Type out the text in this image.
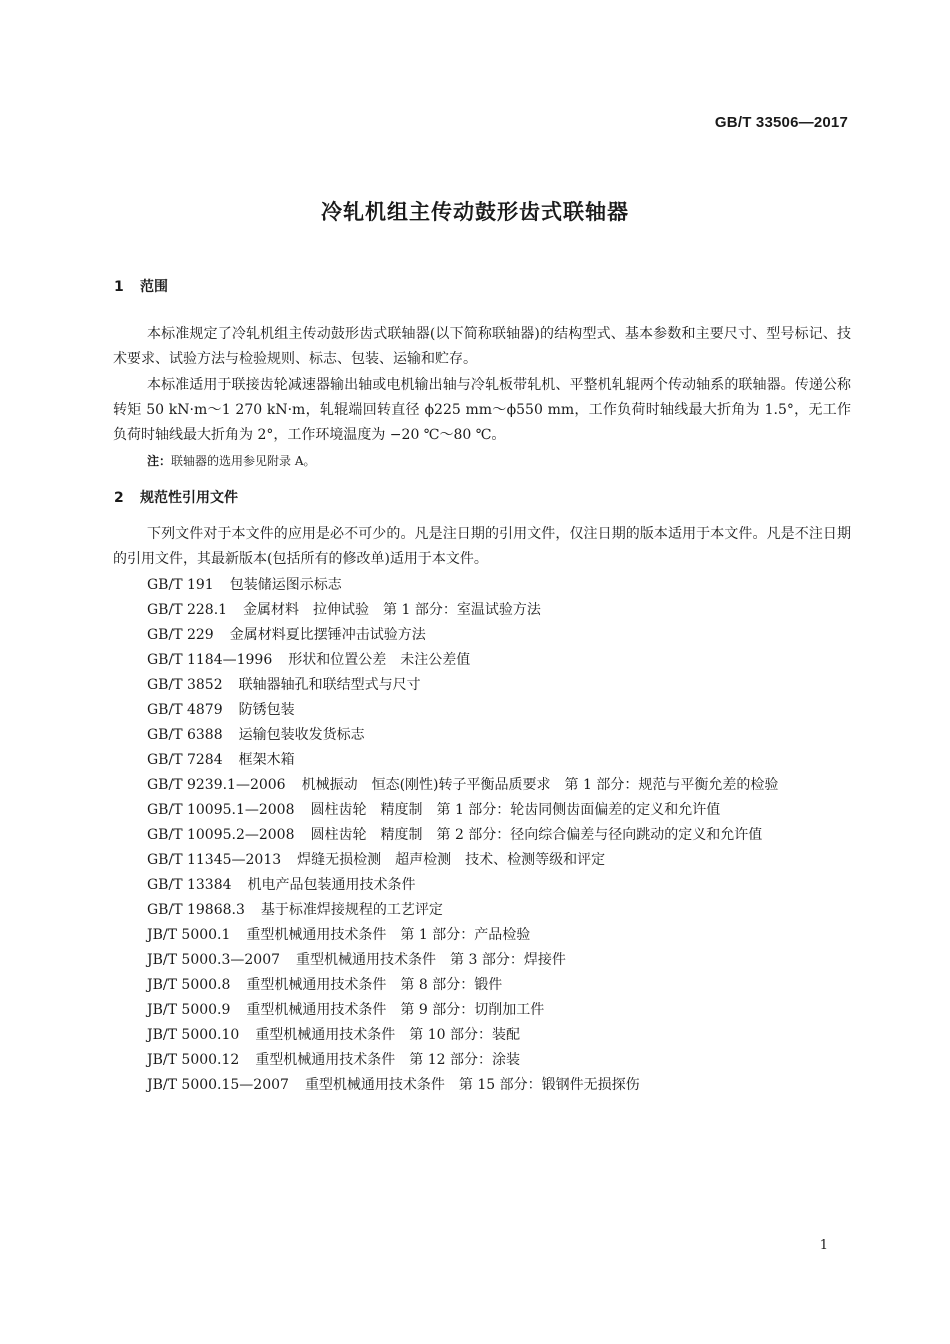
GB/T 33506—2017
冷轧机组主传动鼓形齿式联轴器
1 范围
本标准规定了冷轧机组主传动鼓形齿式联轴器(以下简称联轴器)的结构型式、基本参数和主要尺寸、型号标记、技术要求、试验方法与检验规则、标志、包装、运输和贮存。
本标准适用于联接齿轮减速器输出轴或电机输出轴与冷轧板带轧机、平整机轧辊两个传动轴系的联轴器。传递公称转矩 50 kN·m～1 270 kN·m，轧辊端回转直径 ϕ225 mm～ϕ550 mm，工作负荷时轴线最大折角为 1.5°，无工作负荷时轴线最大折角为 2°，工作环境温度为 −20 ℃～80 ℃。
注：联轴器的选用参见附录 A。
2 规范性引用文件
下列文件对于本文件的应用是必不可少的。凡是注日期的引用文件，仅注日期的版本适用于本文件。凡是不注日期的引用文件，其最新版本(包括所有的修改单)适用于本文件。
GB/T 191 包装储运图示标志
GB/T 228.1 金属材料　拉伸试验　第 1 部分：室温试验方法
GB/T 229 金属材料夏比摆锤冲击试验方法
GB/T 1184—1996 形状和位置公差　未注公差值
GB/T 3852 联轴器轴孔和联结型式与尺寸
GB/T 4879 防锈包装
GB/T 6388 运输包装收发货标志
GB/T 7284 框架木箱
GB/T 9239.1—2006 机械振动　恒态(刚性)转子平衡品质要求　第 1 部分：规范与平衡允差的检验
GB/T 10095.1—2008 圆柱齿轮　精度制　第 1 部分：轮齿同侧齿面偏差的定义和允许值
GB/T 10095.2—2008 圆柱齿轮　精度制　第 2 部分：径向综合偏差与径向跳动的定义和允许值
GB/T 11345—2013 焊缝无损检测　超声检测　技术、检测等级和评定
GB/T 13384 机电产品包装通用技术条件
GB/T 19868.3 基于标准焊接规程的工艺评定
JB/T 5000.1 重型机械通用技术条件　第 1 部分：产品检验
JB/T 5000.3—2007 重型机械通用技术条件　第 3 部分：焊接件
JB/T 5000.8 重型机械通用技术条件　第 8 部分：锻件
JB/T 5000.9 重型机械通用技术条件　第 9 部分：切削加工件
JB/T 5000.10 重型机械通用技术条件　第 10 部分：装配
JB/T 5000.12 重型机械通用技术条件　第 12 部分：涂装
JB/T 5000.15—2007 重型机械通用技术条件　第 15 部分：锻钢件无损探伤
1
